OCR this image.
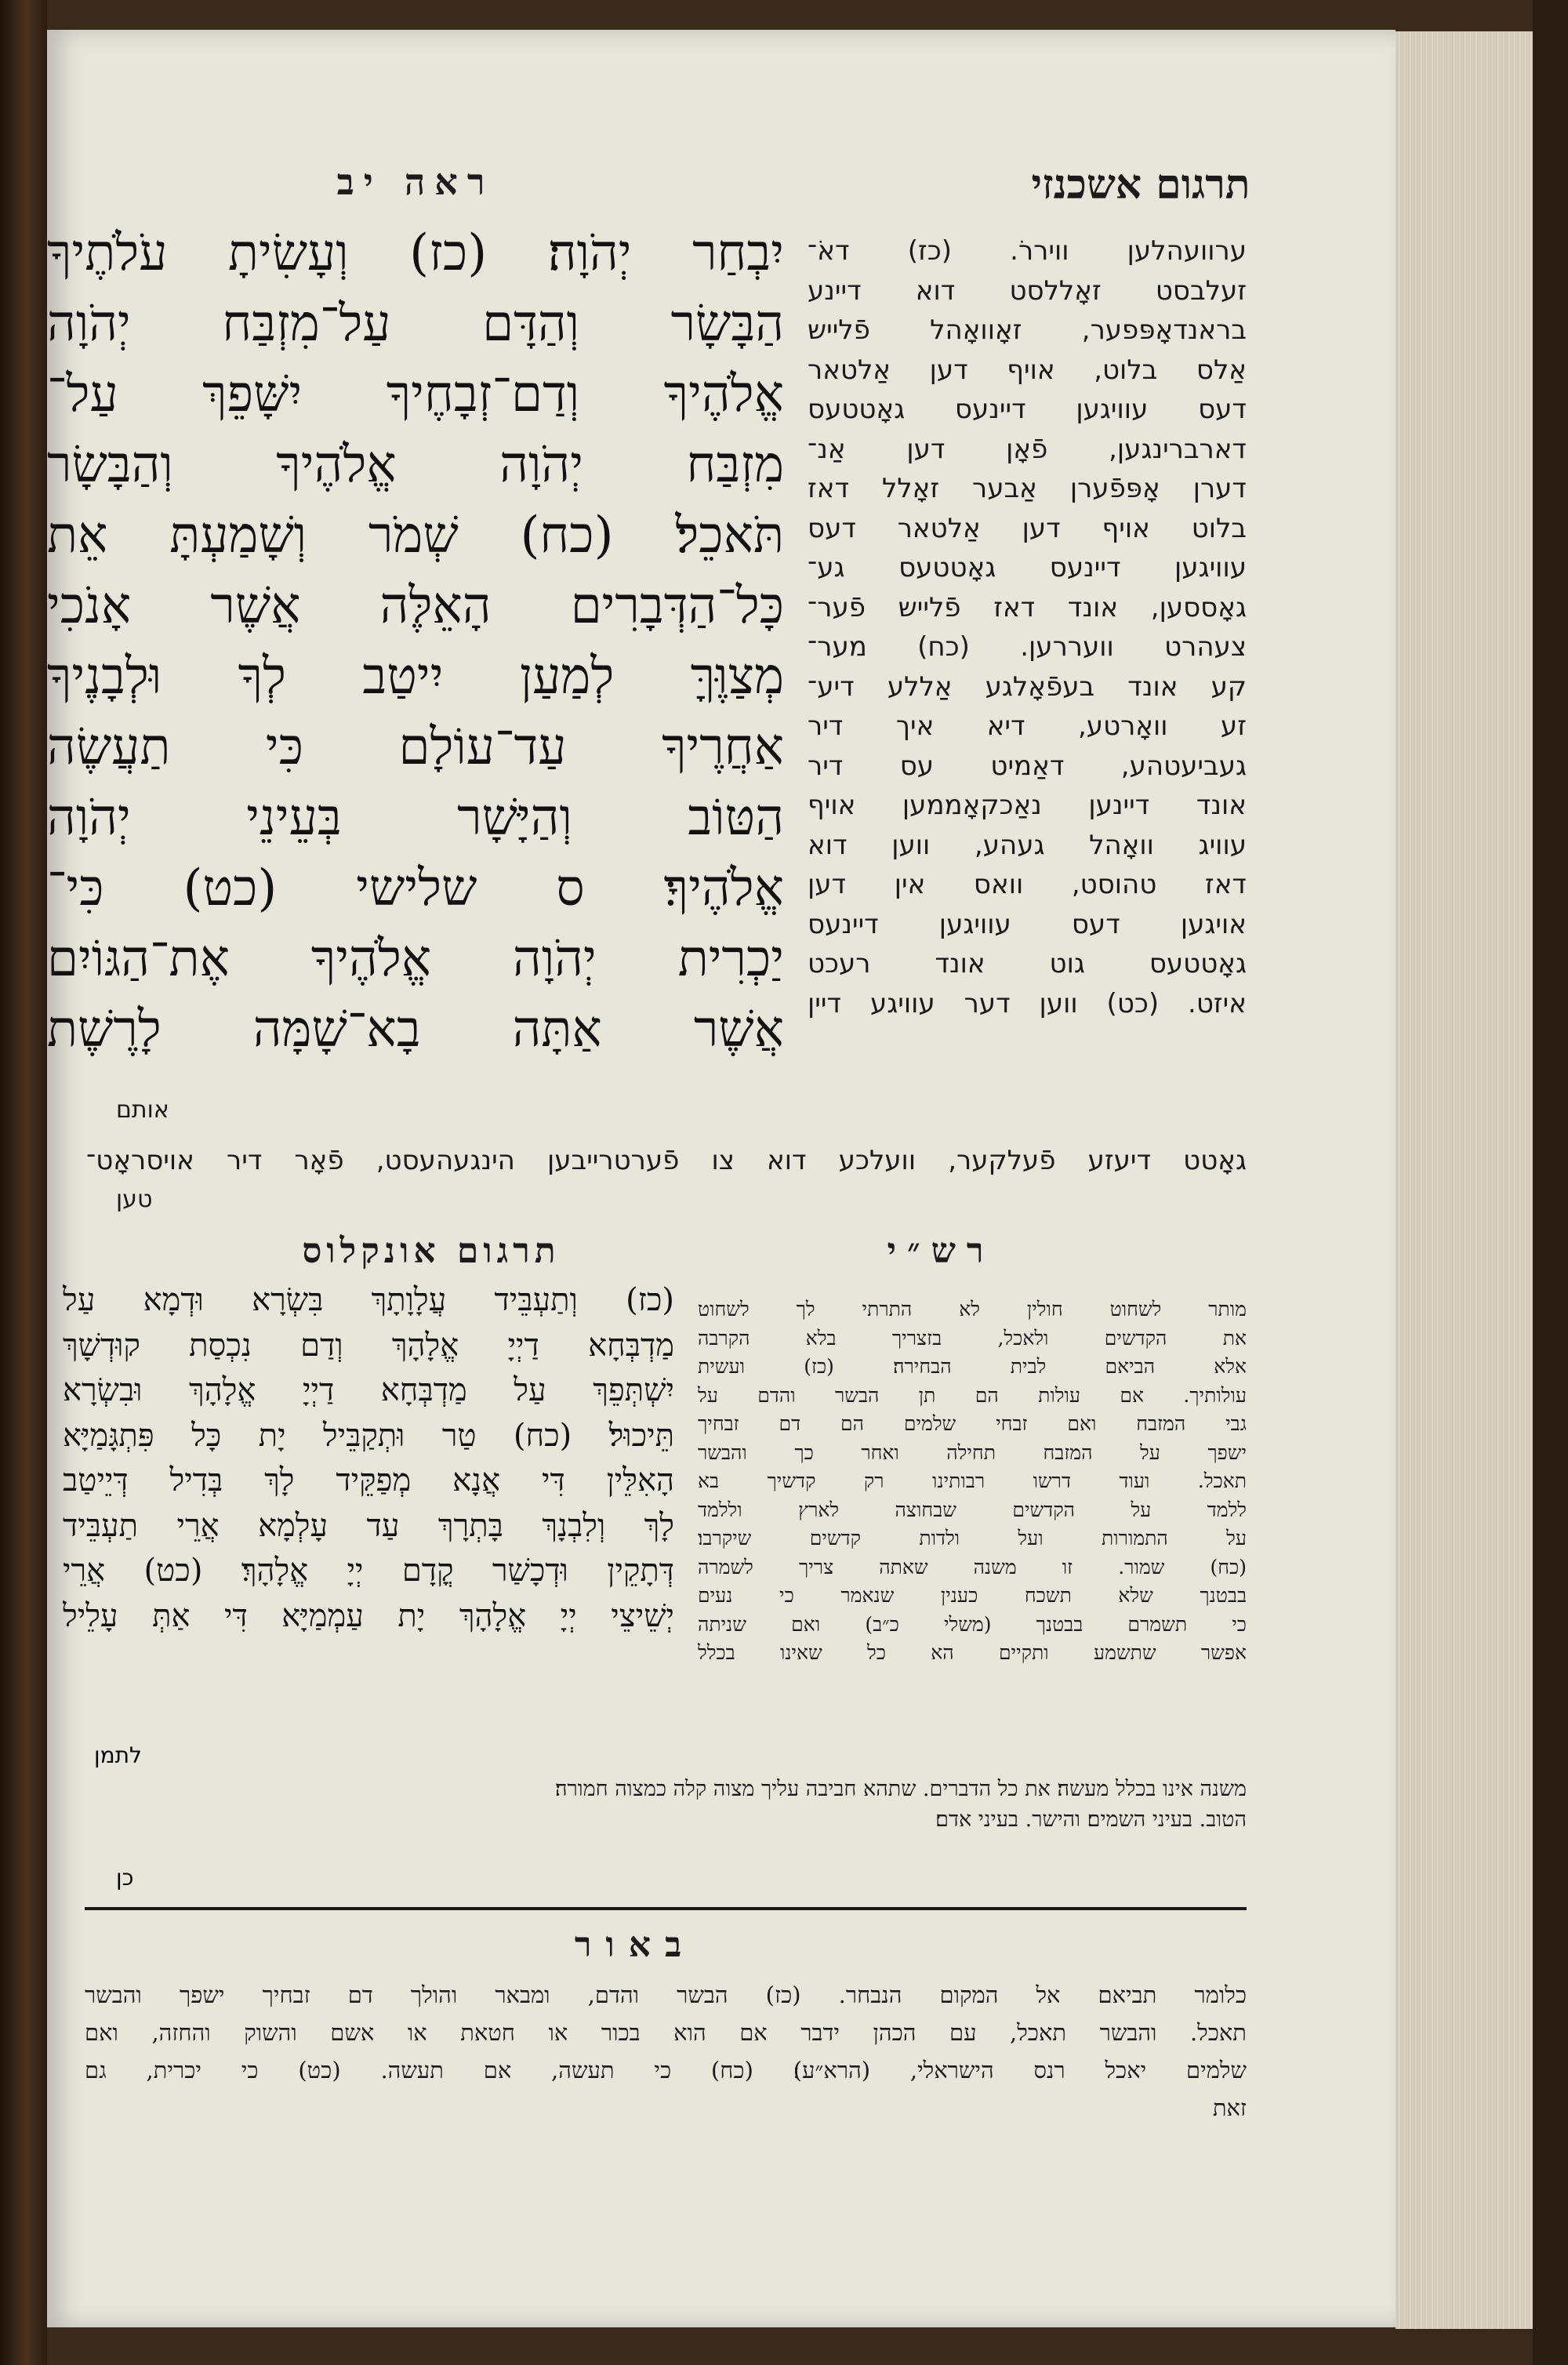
תרגום אשכנזי
ראה יב
יִבְחַר יְהֹוָה׃ (כז) וְעָשִׂיתָ עֹלֹתֶיךָ
הַבָּשָׂר וְהַדָּם עַל־מִזְבַּח יְהֹוָה
אֱלֹהֶיךָ וְדַם־זְבָחֶיךָ יִשָּׁפֵךְ עַל־
מִזְבַּח יְהֹוָה אֱלֹהֶיךָ וְהַבָּשָׂר
תֹּאכֵל׃ (כח) שְׁמֹר וְשָׁמַעְתָּ אֵת
כָּל־הַדְּבָרִים הָאֵלֶּה אֲשֶׁר אָנֹכִי
מְצַוֶּךָּ לְמַעַן יִיטַב לְךָ וּלְבָנֶיךָ
אַחֲרֶיךָ עַד־עוֹלָם כִּי תַעֲשֶׂה
הַטּוֹב וְהַיָּשָׁר בְּעֵינֵי יְהֹוָה
אֱלֹהֶיךָ׃ ס שלישי (כט) כִּי־
יַכְרִית יְהֹוָה אֱלֹהֶיךָ אֶת־הַגּוֹיִם
אֲשֶׁר אַתָּה בָא־שָׁמָּה לָרֶשֶׁת
ערוועהלען וויררׂ. (כז) דאׂ־
זעלבסט זאָללסט דוא דיינע
בראנדאָפּפער, זאָוואָהל פֿלייש
אַלס בלוט, אויף דען אַלטאר
דעס עוויגען דיינעס גאָטטעס
דארברינגען, פֿאָן דען אַנ־
דערן אָפּפֿערן אַבער זאָלל דאז
בלוט אויף דען אַלטאר דעס
עוויגען דיינעס גאָטטעס גע־
גאָססען, אונד דאז פֿלייש פֿער־
צעהרט וועררען. (כח) מער־
קע אונד בעפֿאָלגע אַללע דיע־
זע וואָרטע, דיא איך דיר
געביעטהע, דאַמיט עס דיר
אונד דיינען נאַכקאָממען אויף
עוויג וואָהל געהע, ווען דוא
דאז טהוסט, וואס אין דען
אויגען דעס עוויגען דיינעס
גאָטטעס גוט אונד רעכט
איזט. (כט) ווען דער עוויגע דיין
אותם
גאָטט דיעזע פֿעלקער, וועלכע דוא צו פֿערטרייבען הינגעהעסט, פֿאָר דיר אויסראָט־
טען
תרגום אונקלוס	רש״י
(כז) וְתַעְבֵּיד עֲלָוָתָךְ בִּשְׂרָא וּדְמָא עַל
מַדְבְּחָא דַיְיָ אֱלָהָךְ וְדַם נִכְסַת קוּדְשָׁךְ
יִשְׁתְּפֵךְ עַל מַדְבְּחָא דַיְיָ אֱלָהָךְ וּבִשְׂרָא
תֵּיכוּל׃ (כח) טַר וּתְקַבֵּיל יָת כָּל פִּתְגָּמַיָּא
הָאִלֵּין דִּי אֲנָא מְפַקֵּיד לָךְ בְּדִיל דְּיֵיטַב
לָךְ וְלִבְנָךְ בָּתְרָךְ עַד עָלְמָא אֲרֵי תַעְבֵּיד
דְּתָקֵין וּדְכָשַׁר קֳדָם יְיָ אֱלָהָךְ׃ (כט) אֲרֵי
יְשֵׁיצֵי יְיָ אֱלָהָךְ יָת עַמְמַיָּא דִּי אַתְּ עָלֵיל
לתמן
מותר לשחוט חולין לא התרתי לך לשחוט
את הקדשים ולאכל, בזצריך בלא הקרבה
אלא הביאם לבית הבחירה׃ (כז) ועשית
עולותיך. אם עולות הם תן הבשר והדם על
גבי המזבח ואם זבחי שלמים הם דם זבחיך
ישפך על המזבח תחילה ואחר כך והבשר
תאכל. ועוד דרשו רבותינו רק קדשיך בא
ללמד על הקדשים שבחוצה לארץ וללמד
על התמורות ועל ולדות קדשים שיקרבו׃
(כח) שמור. זו משנה שאתה צריך לשמרה
בבטנך שלא תשכח כענין שנאמר כי נעים
כי תשמרם בבטנך (משלי כ״ב) ואם שניתה
אפשר שתשמע ותקיים הא כל שאינו בכלל
משנה אינו בכלל מעשה׃ את כל הדברים. שתהא חביבה עליך מצוה קלה כמצוה חמורה׃
הטוב. בעיני השמים׃ והישר. בעיני אדם׃
כן
באור
כלומר תביאם אל המקום הנבחר. (כז) הבשר והדם, ומבאר והולך דם זבחיך ישפך והבשר
תאכל. והבשר תאכל, עם הכהן ידבר אם הוא בכור או חטאת או אשם והשוק והחזה, ואם
שלמים יאכל רנס הישראלי, (הרא״ע)׃ (כח) כי תעשה, אם תעשה. (כט) כי יכרית, גם
זאת
